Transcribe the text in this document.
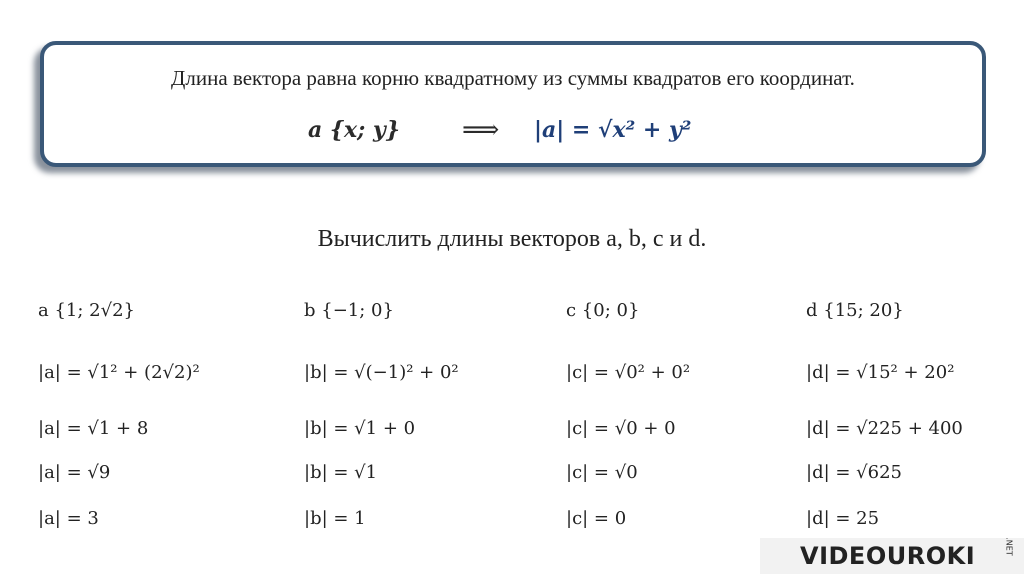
Длина вектора равна корню квадратному из суммы квадратов его координат.
a {x; y} ⟹ |a| = √x² + y²
Вычислить длины векторов a, b, c и d.
a {1; 2√2}
|a| = √1² + (2√2)²
|a| = √1 + 8
|a| = √9
|a| = 3
b {−1; 0}
|b| = √(−1)² + 0²
|b| = √1 + 0
|b| = √1
|b| = 1
c {0; 0}
|c| = √0² + 0²
|c| = √0 + 0
|c| = √0
|c| = 0
d {15; 20}
|d| = √15² + 20²
|d| = √225 + 400
|d| = √625
|d| = 25
VIDEOUROKI	.NET
